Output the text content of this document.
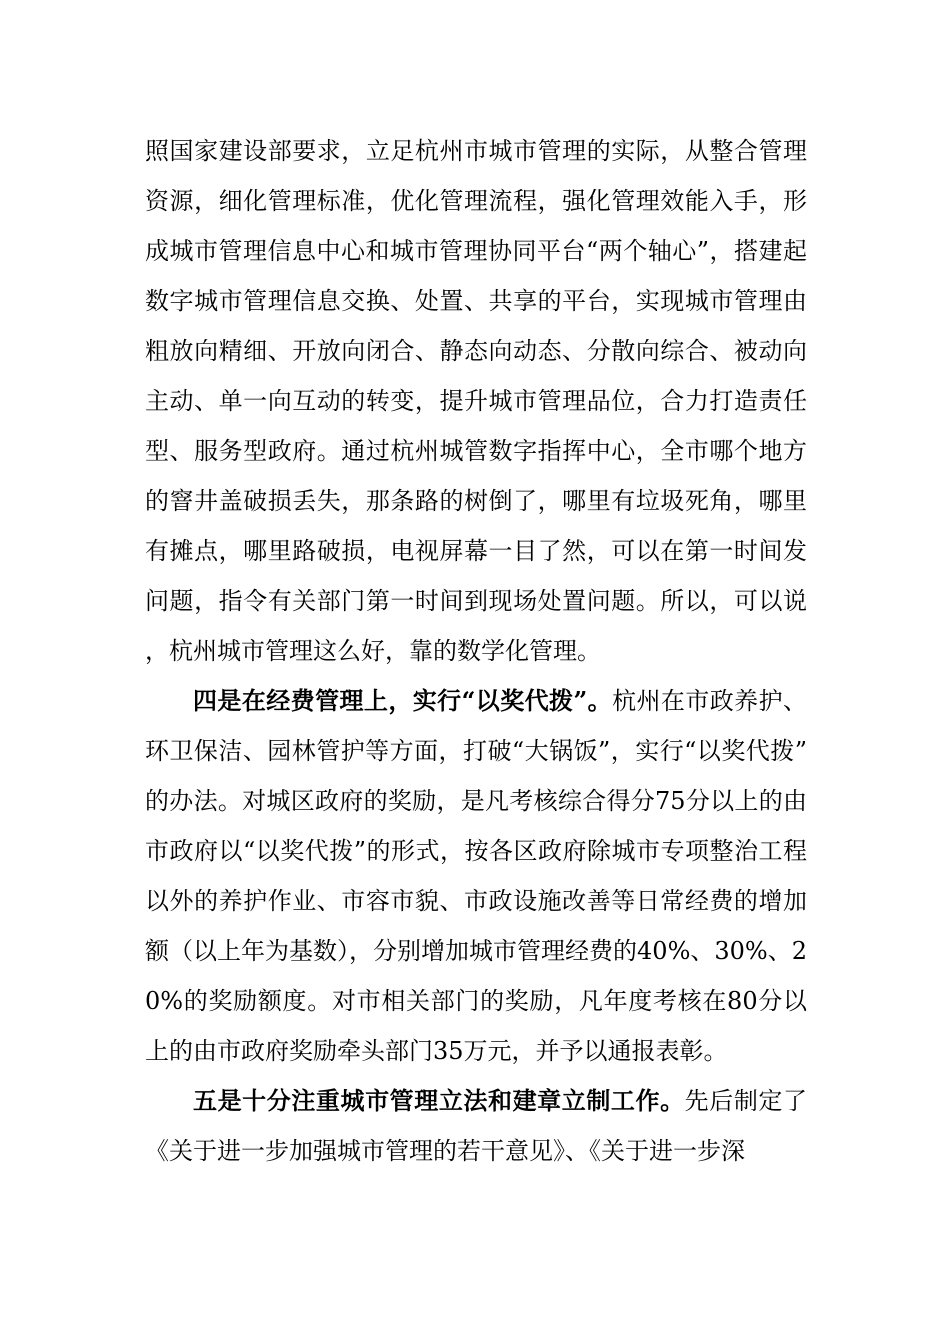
照国家建设部要求，立足杭州市城市管理的实际，从整合管理资源，细化管理标准，优化管理流程，强化管理效能入手，形成城市管理信息中心和城市管理协同平台“两个轴心”，搭建起数字城市管理信息交换、处置、共享的平台，实现城市管理由粗放向精细、开放向闭合、静态向动态、分散向综合、被动向主动、单一向互动的转变，提升城市管理品位，合力打造责任型、服务型政府。通过杭州城管数字指挥中心，全市哪个地方的窨井盖破损丢失，那条路的树倒了，哪里有垃圾死角，哪里有摊点，哪里路破损，电视屏幕一目了然，可以在第一时间发问题，指令有关部门第一时间到现场处置问题。所以，可以说，杭州城市管理这么好，靠的数学化管理。

四是在经费管理上，实行“以奖代拨”。杭州在市政养护、环卫保洁、园林管护等方面，打破“大锅饭”，实行“以奖代拨”的办法。对城区政府的奖励，是凡考核综合得分75分以上的由市政府以“以奖代拨”的形式，按各区政府除城市专项整治工程以外的养护作业、市容市貌、市政设施改善等日常经费的增加额（以上年为基数），分别增加城市管理经费的40%、30%、20%的奖励额度。对市相关部门的奖励，凡年度考核在80分以上的由市政府奖励牵头部门35万元，并予以通报表彰。

五是十分注重城市管理立法和建章立制工作。先后制定了《关于进一步加强城市管理的若干意见》、《关于进一步深
